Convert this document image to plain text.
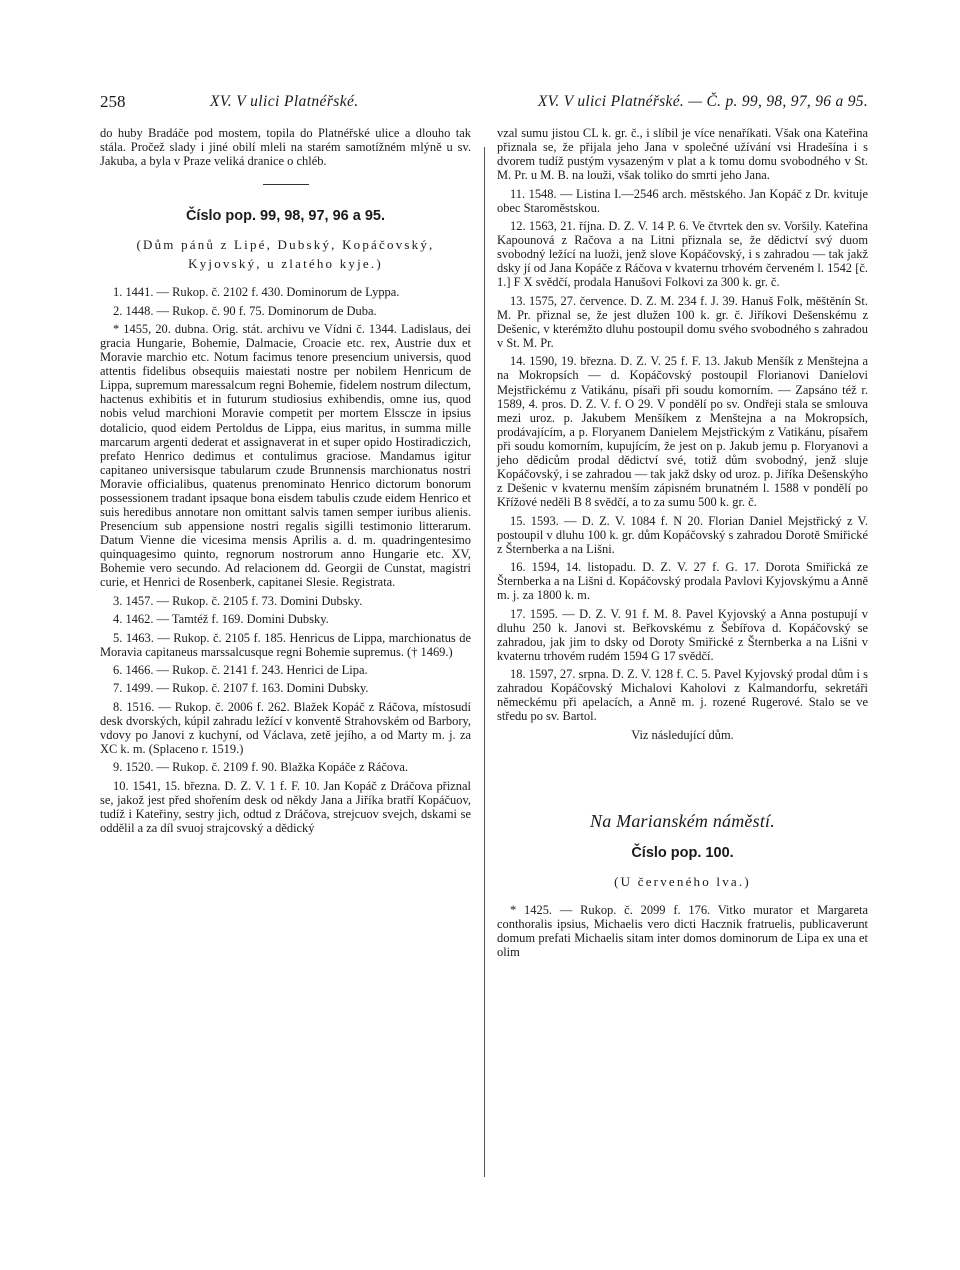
258	XV. V ulici Platnéřské.	XV. V ulici Platnéřské. — Č. p. 99, 98, 97, 96 a 95.

do huby Bradáče pod mostem, topila do Platnéřské ulice a dlouho tak stála. Pročež slady i jiné obilí mleli na starém samotížném mlýně u sv. Jakuba, a byla v Praze veliká dranice o chléb.

Číslo pop. 99, 98, 97, 96 a 95.
(Dům pánů z Lipé, Dubský, Kopáčovský,
Kyjovský, u zlatého kyje.)

1. 1441. — Rukop. č. 2102 f. 430. Dominorum de Lyppa.

2. 1448. — Rukop. č. 90 f. 75. Dominorum de Duba.

* 1455, 20. dubna. Orig. stát. archivu ve Vídni č. 1344. Ladislaus, dei gracia Hungarie, Bohemie, Dalmacie, Croacie etc. rex, Austrie dux et Moravie marchio etc. Notum facimus tenore presencium universis, quod attentis fidelibus obsequiis maiestati nostre per nobilem Henricum de Lippa, supremum maressalcum regni Bohemie, fidelem nostrum dilectum, hactenus exhibitis et in futurum studiosius exhibendis, omne ius, quod nobis velud marchioni Moravie competit per mortem Elsscze in ipsius dotalicio, quod eidem Pertoldus de Lippa, eius maritus, in summa mille marcarum argenti dederat et assignaverat in et super opido Hostiradiczich, prefato Henrico dedimus et contulimus graciose. Mandamus igitur capitaneo universisque tabularum czude Brunnensis marchionatus nostri Moravie officialibus, quatenus prenominato Henrico dictorum bonorum possessionem tradant ipsaque bona eisdem tabulis czude eidem Henrico et suis heredibus annotare non omittant salvis tamen semper iuribus alienis. Presencium sub appensione nostri regalis sigilli testimonio litterarum. Datum Vienne die vicesima mensis Aprilis a. d. m. quadringentesimo quinquagesimo quinto, regnorum nostrorum anno Hungarie etc. XV, Bohemie vero secundo. Ad relacionem dd. Georgii de Cunstat, magistri curie, et Henrici de Rosenberk, capitanei Slesie. Registrata.

3. 1457. — Rukop. č. 2105 f. 73. Domini Dubsky.

4. 1462. — Tamtéž f. 169. Domini Dubsky.

5. 1463. — Rukop. č. 2105 f. 185. Henricus de Lippa, marchionatus de Moravia capitaneus marssalcusque regni Bohemie supremus. († 1469.)

6. 1466. — Rukop. č. 2141 f. 243. Henrici de Lipa.

7. 1499. — Rukop. č. 2107 f. 163. Domini Dubsky.

8. 1516. — Rukop. č. 2006 f. 262. Blažek Kopáč z Ráčova, místosudí desk dvorských, kúpil zahradu ležící v konventě Strahovském od Barbory, vdovy po Janovi z kuchyní, od Václava, zetě jejího, a od Marty m. j. za XC k. m. (Splaceno r. 1519.)

9. 1520. — Rukop. č. 2109 f. 90. Blažka Kopáče z Ráčova.

10. 1541, 15. března. D. Z. V. 1 f. F. 10. Jan Kopáč z Dráčova přiznal se, jakož jest před shořením desk od někdy Jana a Jiříka bratří Kopáčuov, tudíž i Kateřiny, sestry jich, odtud z Dráčova, strejcuov svejch, dskami se oddělil a za díl svuoj strajcovský a dědický

vzal sumu jistou CL k. gr. č., i slíbil je více nenaříkati. Však ona Kateřina přiznala se, že přijala jeho Jana v společné užívání vsi Hradešína i s dvorem tudíž pustým vysazeným v plat a k tomu domu svobodného v St. M. Pr. u M. B. na louži, však toliko do smrti jeho Jana.

11. 1548. — Listina I.—2546 arch. městského. Jan Kopáč z Dr. kvituje obec Staroměstskou.

12. 1563, 21. října. D. Z. V. 14 P. 6. Ve čtvrtek den sv. Voršily. Kateřina Kapounová z Račova a na Litni přiznala se, že dědictví svý duom svobodný ležící na luoži, jenž slove Kopáčovský, i s zahradou — tak jakž dsky jí od Jana Kopáče z Ráčova v kvaternu trhovém červeném l. 1542 [č. 1.] F X svědčí, prodala Hanušovi Folkovi za 300 k. gr. č.

13. 1575, 27. července. D. Z. M. 234 f. J. 39. Hanuš Folk, měštěnín St. M. Pr. přiznal se, že jest dlužen 100 k. gr. č. Jiříkovi Dešenskému z Dešenic, v kterémžto dluhu postoupil domu svého svobodného s zahradou v St. M. Pr.

14. 1590, 19. března. D. Z. V. 25 f. F. 13. Jakub Menšík z Menštejna a na Mokropsích — d. Kopáčovský postoupil Florianovi Danielovi Mejstřickému z Vatikánu, písaři při soudu komorním. — Zapsáno též r. 1589, 4. pros. D. Z. V. f. O 29. V pondělí po sv. Ondřeji stala se smlouva mezi uroz. p. Jakubem Menšíkem z Menštejna a na Mokropsích, prodávajícím, a p. Floryanem Danielem Mejstřickým z Vatikánu, písařem při soudu komorním, kupujícím, že jest on p. Jakub jemu p. Floryanovi a jeho dědicům prodal dědictví své, totiž dům svobodný, jenž sluje Kopáčovský, i se zahradou — tak jakž dsky od uroz. p. Jiříka Dešenskýho z Dešenic v kvaternu menším zápisném brunatném l. 1588 v pondělí po Křížové neděli B 8 svědčí, a to za sumu 500 k. gr. č.

15. 1593. — D. Z. V. 1084 f. N 20. Florian Daniel Mejstřický z V. postoupil v dluhu 100 k. gr. dům Kopáčovský s zahradou Dorotě Smiřické z Šternberka a na Lišni.

16. 1594, 14. listopadu. D. Z. V. 27 f. G. 17. Dorota Smiřická ze Šternberka a na Lišni d. Kopáčovský prodala Pavlovi Kyjovskýmu a Anně m. j. za 1800 k. m.

17. 1595. — D. Z. V. 91 f. M. 8. Pavel Kyjovský a Anna postupují v dluhu 250 k. Janovi st. Beřkovskému z Šebířova d. Kopáčovský se zahradou, jak jim to dsky od Doroty Smiřické z Šternberka a na Lišni v kvaternu trhovém rudém 1594 G 17 svědčí.

18. 1597, 27. srpna. D. Z. V. 128 f. C. 5. Pavel Kyjovský prodal dům i s zahradou Kopáčovský Michalovi Kaholovi z Kalmandorfu, sekretáři německému při apelacích, a Anně m. j. rozené Rugerové. Stalo se ve středu po sv. Bartol.

Viz následující dům.

Na Marianském náměstí.
Číslo pop. 100.
(U červeného lva.)

* 1425. — Rukop. č. 2099 f. 176. Vitko murator et Margareta conthoralis ipsius, Michaelis vero dicti Hacznik fratruelis, publicaverunt domum prefati Michaelis sitam inter domos dominorum de Lipa ex una et olim
